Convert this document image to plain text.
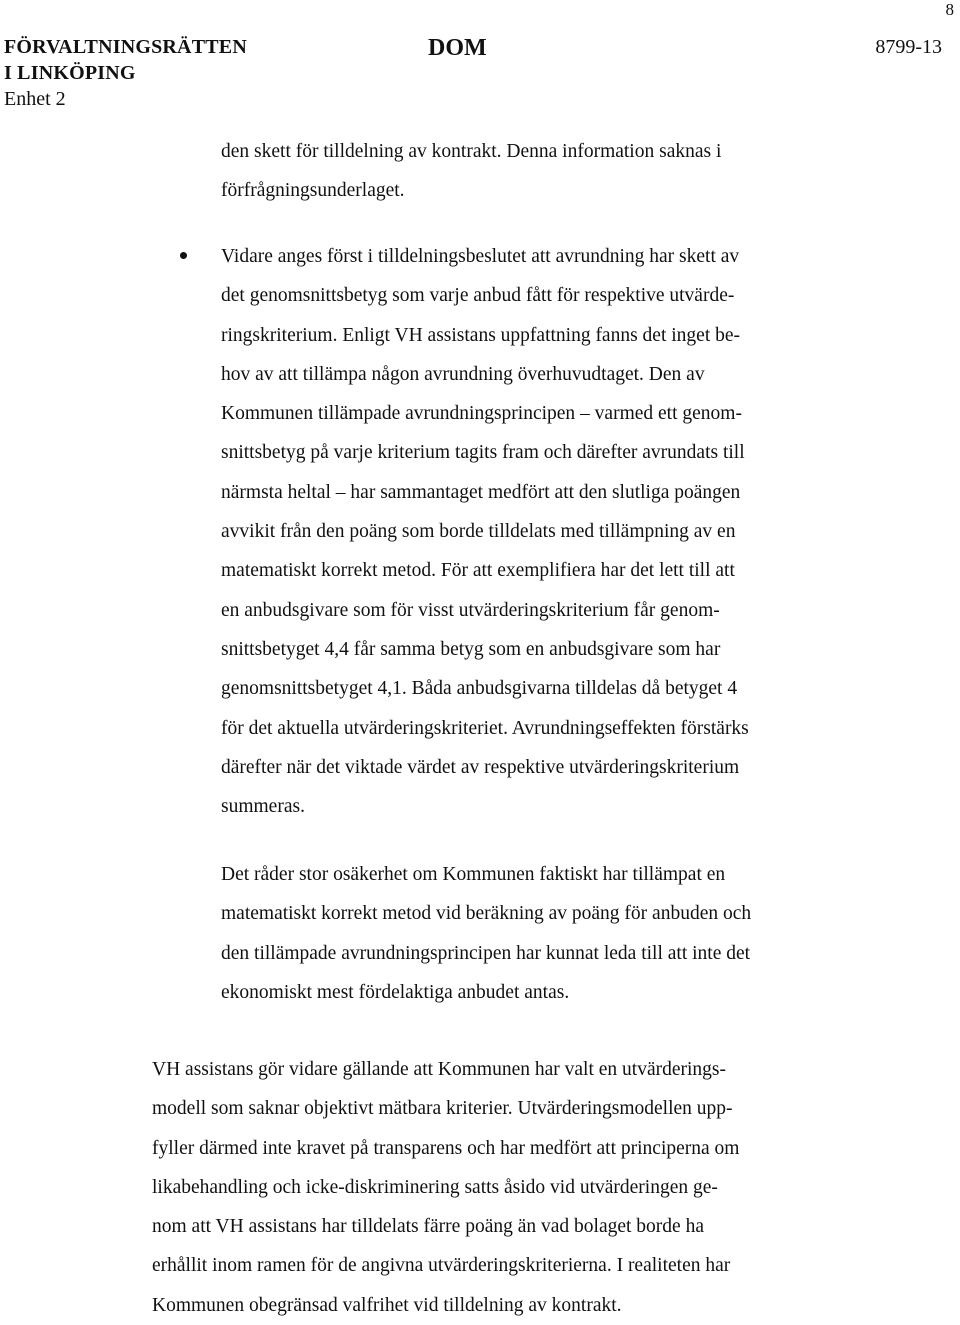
8
FÖRVALTNINGSRÄTTEN
I LINKÖPING
Enhet 2
DOM	8799-13
den skett för tilldelning av kontrakt. Denna information saknas i
förfrågningsunderlaget.
Vidare anges först i tilldelningsbeslutet att avrundning har skett av
det genomsnittsbetyg som varje anbud fått för respektive utvärde-
ringskriterium. Enligt VH assistans uppfattning fanns det inget be-
hov av att tillämpa någon avrundning överhuvudtaget. Den av
Kommunen tillämpade avrundningsprincipen – varmed ett genom-
snittsbetyg på varje kriterium tagits fram och därefter avrundats till
närmsta heltal – har sammantaget medfört att den slutliga poängen
avvikit från den poäng som borde tilldelats med tillämpning av en
matematiskt korrekt metod. För att exemplifiera har det lett till att
en anbudsgivare som för visst utvärderingskriterium får genom-
snittsbetyget 4,4 får samma betyg som en anbudsgivare som har
genomsnittsbetyget 4,1. Båda anbudsgivarna tilldelas då betyget 4
för det aktuella utvärderingskriteriet. Avrundningseffekten förstärks
därefter när det viktade värdet av respektive utvärderingskriterium
summeras.
Det råder stor osäkerhet om Kommunen faktiskt har tillämpat en
matematiskt korrekt metod vid beräkning av poäng för anbuden och
den tillämpade avrundningsprincipen har kunnat leda till att inte det
ekonomiskt mest fördelaktiga anbudet antas.
VH assistans gör vidare gällande att Kommunen har valt en utvärderings-
modell som saknar objektivt mätbara kriterier. Utvärderingsmodellen upp-
fyller därmed inte kravet på transparens och har medfört att principerna om
likabehandling och icke-diskriminering satts åsido vid utvärderingen ge-
nom att VH assistans har tilldelats färre poäng än vad bolaget borde ha
erhållit inom ramen för de angivna utvärderingskriterierna. I realiteten har
Kommunen obegränsad valfrihet vid tilldelning av kontrakt.
